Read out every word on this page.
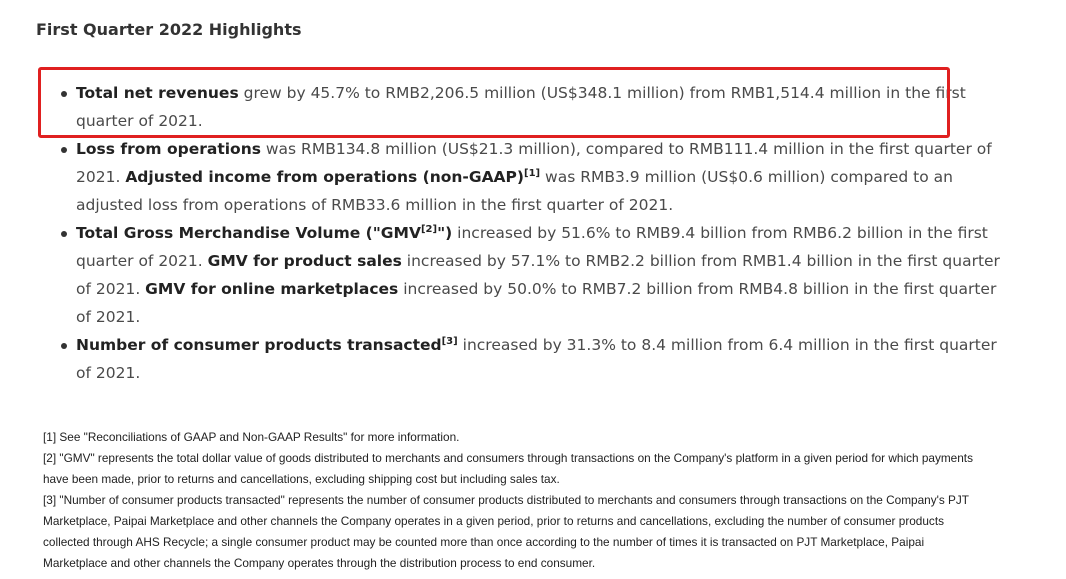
First Quarter 2022 Highlights
Total net revenues grew by 45.7% to RMB2,206.5 million (US$348.1 million) from RMB1,514.4 million in the first quarter of 2021.
Loss from operations was RMB134.8 million (US$21.3 million), compared to RMB111.4 million in the first quarter of 2021. Adjusted income from operations (non-GAAP)[1] was RMB3.9 million (US$0.6 million) compared to an adjusted loss from operations of RMB33.6 million in the first quarter of 2021.
Total Gross Merchandise Volume ("GMV[2]") increased by 51.6% to RMB9.4 billion from RMB6.2 billion in the first quarter of 2021. GMV for product sales increased by 57.1% to RMB2.2 billion from RMB1.4 billion in the first quarter of 2021. GMV for online marketplaces increased by 50.0% to RMB7.2 billion from RMB4.8 billion in the first quarter of 2021.
Number of consumer products transacted[3] increased by 31.3% to 8.4 million from 6.4 million in the first quarter of 2021.

[1] See "Reconciliations of GAAP and Non-GAAP Results" for more information.

[2] "GMV" represents the total dollar value of goods distributed to merchants and consumers through transactions on the Company's platform in a given period for which payments have been made, prior to returns and cancellations, excluding shipping cost but including sales tax.

[3] "Number of consumer products transacted" represents the number of consumer products distributed to merchants and consumers through transactions on the Company's PJT Marketplace, Paipai Marketplace and other channels the Company operates in a given period, prior to returns and cancellations, excluding the number of consumer products collected through AHS Recycle; a single consumer product may be counted more than once according to the number of times it is transacted on PJT Marketplace, Paipai Marketplace and other channels the Company operates through the distribution process to end consumer.
